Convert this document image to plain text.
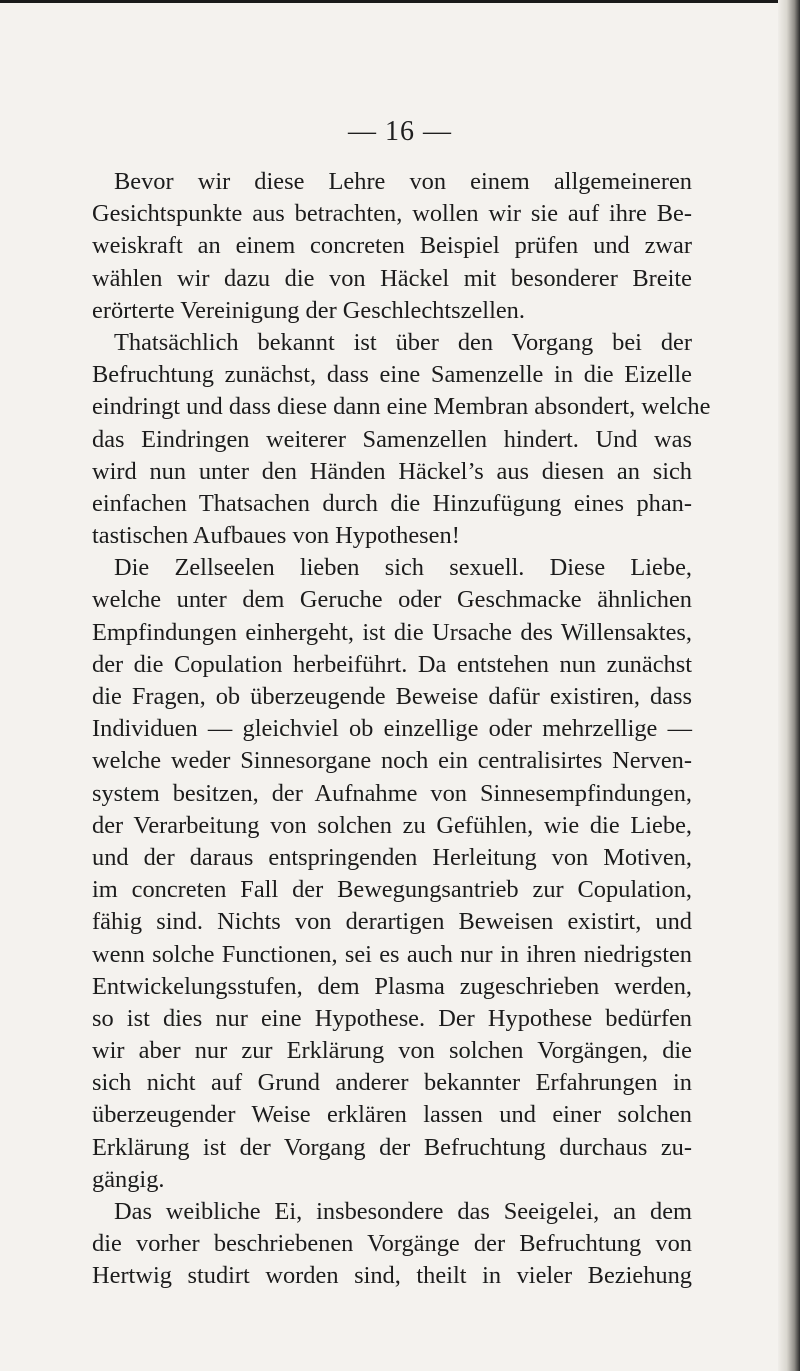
— 16 —
Bevor wir diese Lehre von einem allgemeineren
Gesichtspunkte aus betrachten, wollen wir sie auf ihre Be-
weiskraft an einem concreten Beispiel prüfen und zwar
wählen wir dazu die von Häckel mit besonderer Breite
erörterte Vereinigung der Geschlechtszellen.
Thatsächlich bekannt ist über den Vorgang bei der
Befruchtung zunächst, dass eine Samenzelle in die Eizelle
eindringt und dass diese dann eine Membran absondert, welche
das Eindringen weiterer Samenzellen hindert. Und was
wird nun unter den Händen Häckel’s aus diesen an sich
einfachen Thatsachen durch die Hinzufügung eines phan-
tastischen Aufbaues von Hypothesen!
Die Zellseelen lieben sich sexuell. Diese Liebe,
welche unter dem Geruche oder Geschmacke ähnlichen
Empfindungen einhergeht, ist die Ursache des Willensaktes,
der die Copulation herbeiführt. Da entstehen nun zunächst
die Fragen, ob überzeugende Beweise dafür existiren, dass
Individuen — gleichviel ob einzellige oder mehrzellige —
welche weder Sinnesorgane noch ein centralisirtes Nerven-
system besitzen, der Aufnahme von Sinnesempfindungen,
der Verarbeitung von solchen zu Gefühlen, wie die Liebe,
und der daraus entspringenden Herleitung von Motiven,
im concreten Fall der Bewegungsantrieb zur Copulation,
fähig sind. Nichts von derartigen Beweisen existirt, und
wenn solche Functionen, sei es auch nur in ihren niedrigsten
Entwickelungsstufen, dem Plasma zugeschrieben werden,
so ist dies nur eine Hypothese. Der Hypothese bedürfen
wir aber nur zur Erklärung von solchen Vorgängen, die
sich nicht auf Grund anderer bekannter Erfahrungen in
überzeugender Weise erklären lassen und einer solchen
Erklärung ist der Vorgang der Befruchtung durchaus zu-
gängig.
Das weibliche Ei, insbesondere das Seeigelei, an dem
die vorher beschriebenen Vorgänge der Befruchtung von
Hertwig studirt worden sind, theilt in vieler Beziehung
